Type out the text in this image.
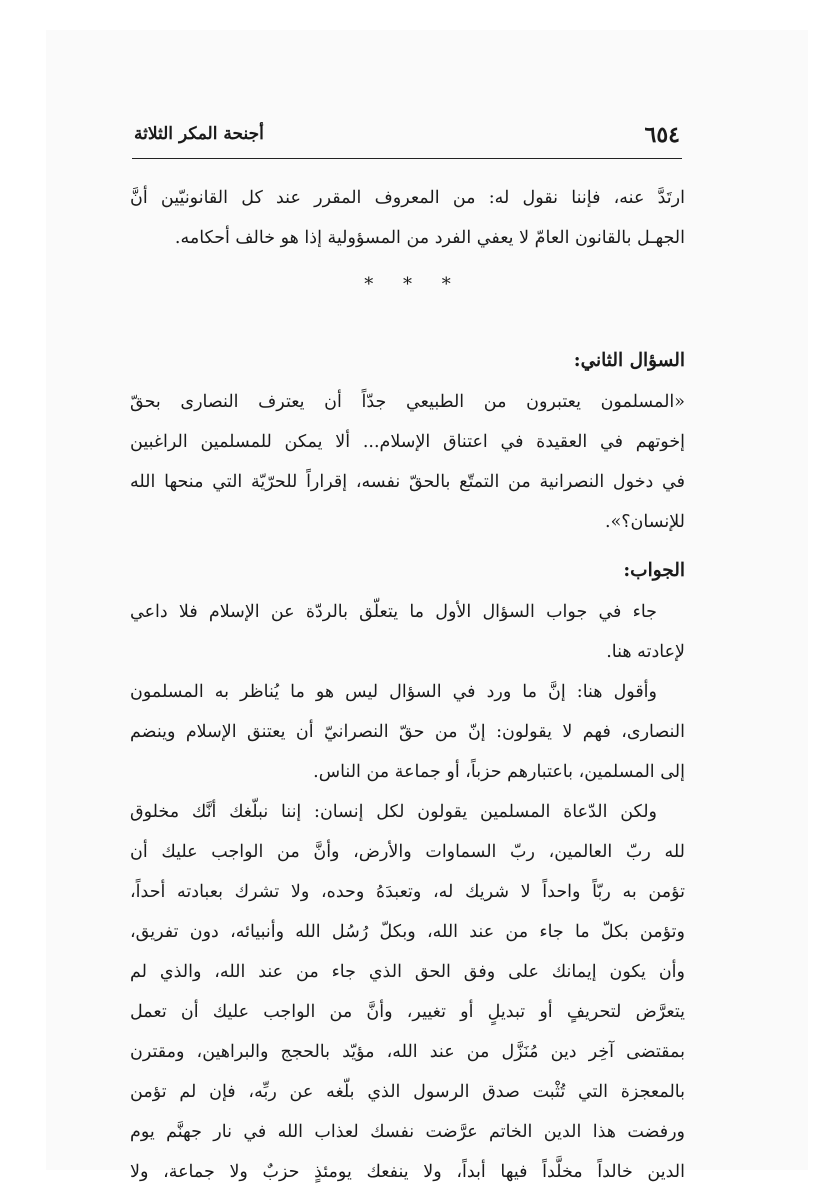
أجنحة المكر الثلاثة	٦٥٤
ارتَدَّ عنه، فإننا نقول له: من المعروف المقرر عند كل القانونيّين أنَّ
الجهـل بالقانون العامّ لا يعفي الفرد من المسؤولية إذا هو خالف أحكامه.
* * *
السؤال الثاني:
«المسلمون يعتبرون من الطبيعي جدّاً أن يعترف النصارى بحقّ
إخوتهم في العقيدة في اعتناق الإسلام... ألا يمكن للمسلمين الراغبين
في دخول النصرانية من التمتّع بالحقّ نفسه، إقراراً للحرّيّة التي منحها الله
للإنسان؟».
الجواب:
جاء في جواب السؤال الأول ما يتعلّق بالردّة عن الإسلام فلا داعي
لإعادته هنا.
وأقول هنا: إنَّ ما ورد في السؤال ليس هو ما يُناظر به المسلمون
النصارى، فهم لا يقولون: إنّ من حقّ النصرانيّ أن يعتنق الإسلام وينضم
إلى المسلمين، باعتبارهم حزباً، أو جماعة من الناس.
ولكن الدّعاة المسلمين يقولون لكل إنسان: إننا نبلّغك أنَّك مخلوق
لله ربّ العالمين، ربّ السماوات والأرض، وأنَّ من الواجب عليك أن
تؤمن به ربّاً واحداً لا شريك له، وتعبدَهُ وحده، ولا تشرك بعبادته أحداً،
وتؤمن بكلّ ما جاء من عند الله، وبكلّ رُسُل الله وأنبيائه، دون تفريق،
وأن يكون إيمانك على وفق الحق الذي جاء من عند الله، والذي لم
يتعرَّض لتحريفٍ أو تبديلٍ أو تغيير، وأنَّ من الواجب عليك أن تعمل
بمقتضى آخِر دين مُنَزَّل من عند الله، مؤيّد بالحجج والبراهين، ومقترن
بالمعجزة التي تُثْبت صدق الرسول الذي بلّغه عن ربِّه، فإن لم تؤمن
ورفضت هذا الدين الخاتم عرَّضت نفسك لعذاب الله في نار جهنَّم يوم
الدين خالداً مخلَّداً فيها أبداً، ولا ينفعك يومئذٍ حزبٌ ولا جماعة، ولا
